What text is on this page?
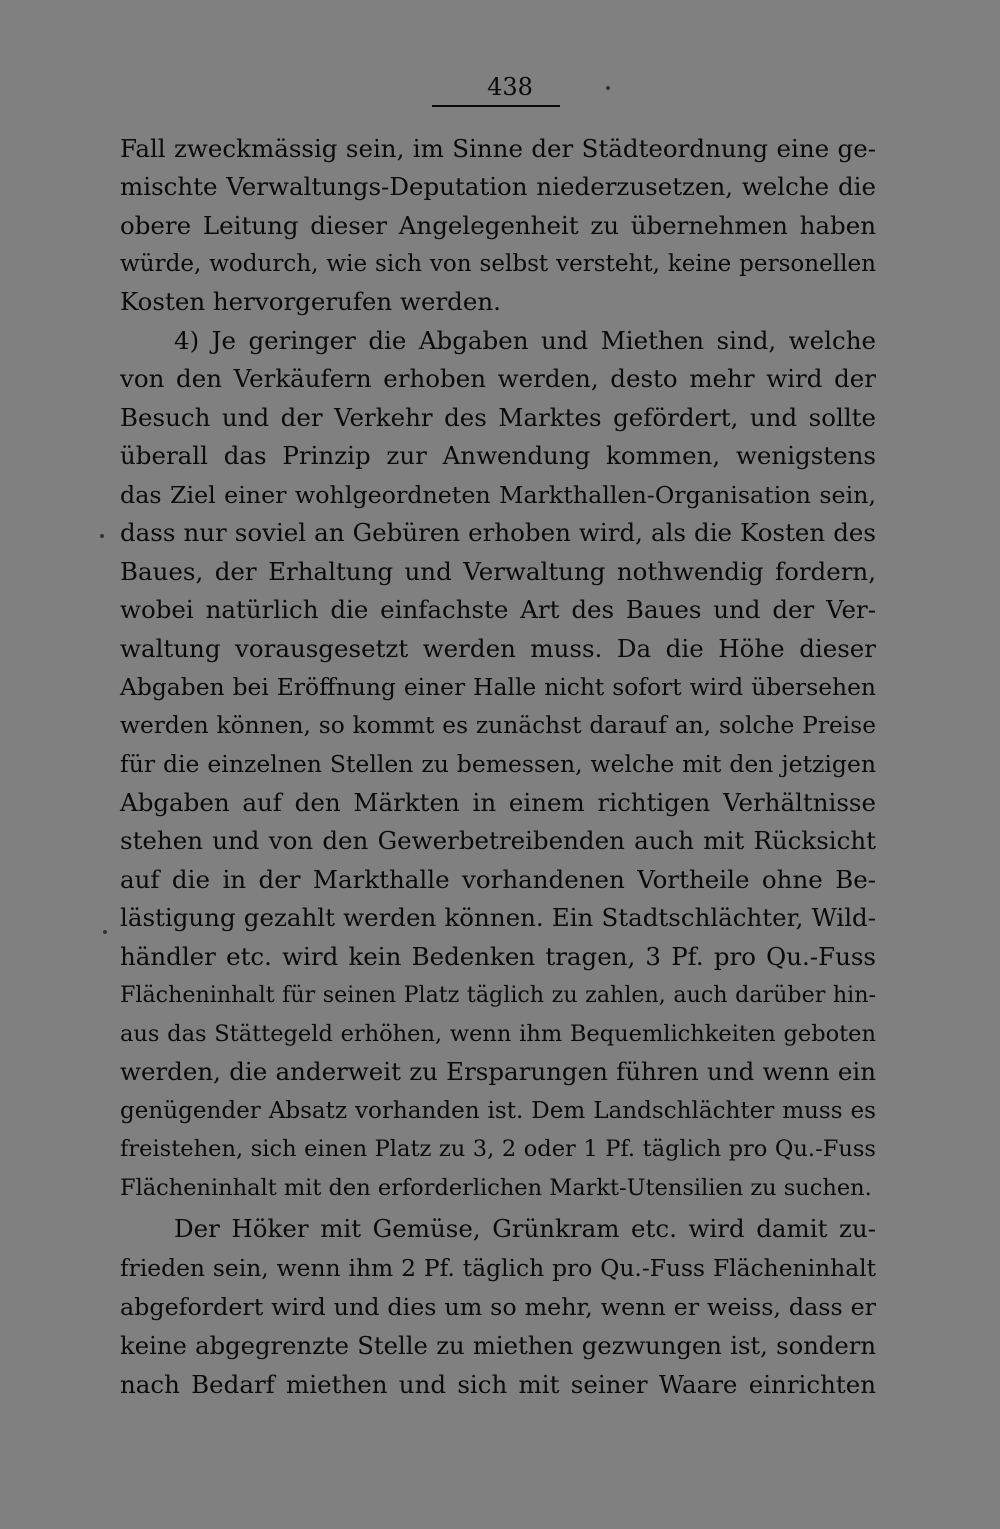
438
Fall zweckmässig sein, im Sinne der Städteordnung eine ge-
mischte Verwaltungs-Deputation niederzusetzen, welche die
obere Leitung dieser Angelegenheit zu übernehmen haben
würde, wodurch, wie sich von selbst versteht, keine personellen
Kosten hervorgerufen werden.
4) Je geringer die Abgaben und Miethen sind, welche
von den Verkäufern erhoben werden, desto mehr wird der
Besuch und der Verkehr des Marktes gefördert, und sollte
überall das Prinzip zur Anwendung kommen, wenigstens
das Ziel einer wohlgeordneten Markthallen-Organisation sein,
dass nur soviel an Gebüren erhoben wird, als die Kosten des
Baues, der Erhaltung und Verwaltung nothwendig fordern,
wobei natürlich die einfachste Art des Baues und der Ver-
waltung vorausgesetzt werden muss. Da die Höhe dieser
Abgaben bei Eröffnung einer Halle nicht sofort wird übersehen
werden können, so kommt es zunächst darauf an, solche Preise
für die einzelnen Stellen zu bemessen, welche mit den jetzigen
Abgaben auf den Märkten in einem richtigen Verhältnisse
stehen und von den Gewerbetreibenden auch mit Rücksicht
auf die in der Markthalle vorhandenen Vortheile ohne Be-
lästigung gezahlt werden können. Ein Stadtschlächter, Wild-
händler etc. wird kein Bedenken tragen, 3 Pf. pro Qu.-Fuss
Flächeninhalt für seinen Platz täglich zu zahlen, auch darüber hin-
aus das Stättegeld erhöhen, wenn ihm Bequemlichkeiten geboten
werden, die anderweit zu Ersparungen führen und wenn ein
genügender Absatz vorhanden ist. Dem Landschlächter muss es
freistehen, sich einen Platz zu 3, 2 oder 1 Pf. täglich pro Qu.-Fuss
Flächeninhalt mit den erforderlichen Markt-Utensilien zu suchen.
Der Höker mit Gemüse, Grünkram etc. wird damit zu-
frieden sein, wenn ihm 2 Pf. täglich pro Qu.-Fuss Flächeninhalt
abgefordert wird und dies um so mehr, wenn er weiss, dass er
keine abgegrenzte Stelle zu miethen gezwungen ist, sondern
nach Bedarf miethen und sich mit seiner Waare einrichten
